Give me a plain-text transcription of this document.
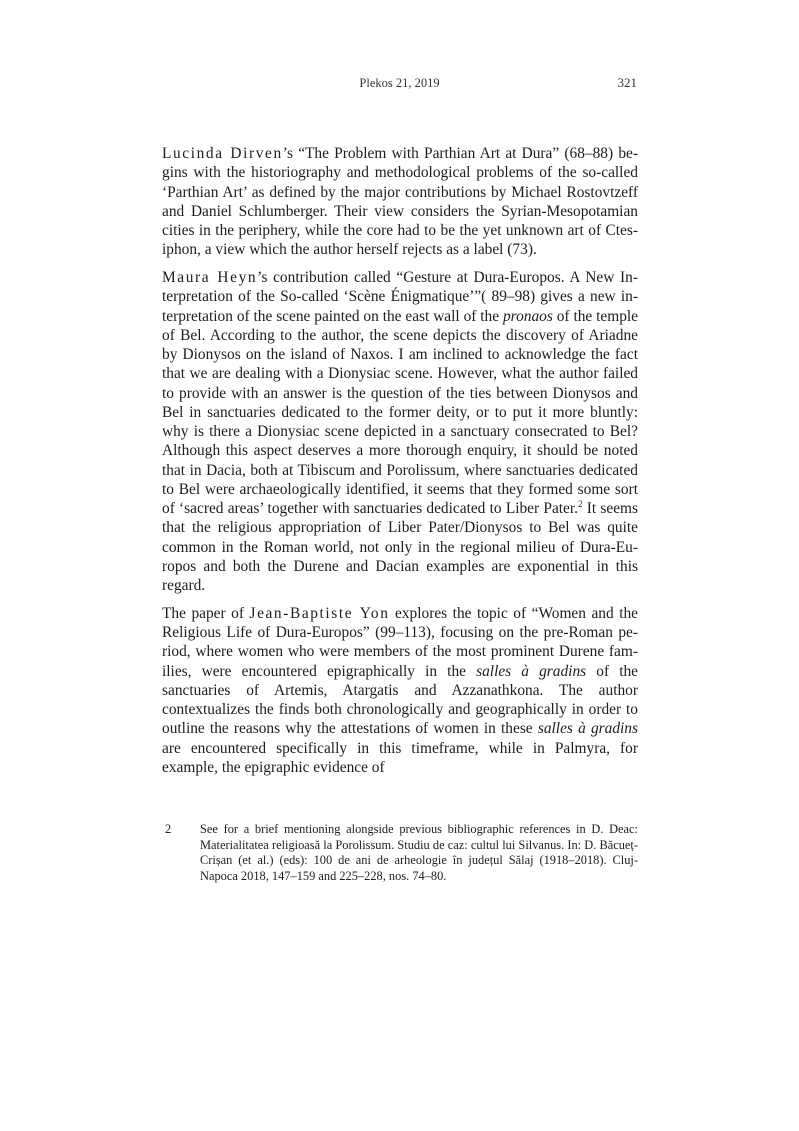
Plekos 21, 2019	321

Lucinda Dirven’s “The Problem with Parthian Art at Dura” (68–88) begins with the historiography and methodological problems of the so-called ‘Parthian Art’ as defined by the major contributions by Michael Rostovtzeff and Daniel Schlumberger. Their view considers the Syrian-Mesopotamian cities in the periphery, while the core had to be the yet unknown art of Ctesiphon, a view which the author herself rejects as a label (73).

Maura Heyn’s contribution called “Gesture at Dura-Europos. A New Interpretation of the So-called ‘Scène Énigmatique’”( 89–98) gives a new interpretation of the scene painted on the east wall of the pronaos of the temple of Bel. According to the author, the scene depicts the discovery of Ariadne by Dionysos on the island of Naxos. I am inclined to acknowledge the fact that we are dealing with a Dionysiac scene. However, what the author failed to provide with an answer is the question of the ties between Dionysos and Bel in sanctuaries dedicated to the former deity, or to put it more bluntly: why is there a Dionysiac scene depicted in a sanctuary consecrated to Bel? Although this aspect deserves a more thorough enquiry, it should be noted that in Dacia, both at Tibiscum and Porolissum, where sanctuaries dedicated to Bel were archaeologically identified, it seems that they formed some sort of ‘sacred areas’ together with sanctuaries dedicated to Liber Pater.$^2$ It seems that the religious appropriation of Liber Pater/Dionysos to Bel was quite common in the Roman world, not only in the regional milieu of Dura-Europos and both the Durene and Dacian examples are exponential in this regard.

The paper of Jean-Baptiste Yon explores the topic of “Women and the Religious Life of Dura-Europos” (99–113), focusing on the pre-Roman period, where women who were members of the most prominent Durene families, were encountered epigraphically in the salles à gradins of the sanctuaries of Artemis, Atargatis and Azzanathkona. The author contextualizes the finds both chronologically and geographically in order to outline the reasons why the attestations of women in these salles à gradins are encountered specifically in this timeframe, while in Palmyra, for example, the epigraphic evidence of

2	See for a brief mentioning alongside previous bibliographic references in D. Deac: Materialitatea religioasă la Porolissum. Studiu de caz: cultul lui Silvanus. In: D. Băcueț-Crișan (et al.) (eds): 100 de ani de arheologie în județul Sălaj (1918–2018). Cluj-Napoca 2018, 147–159 and 225–228, nos. 74–80.
